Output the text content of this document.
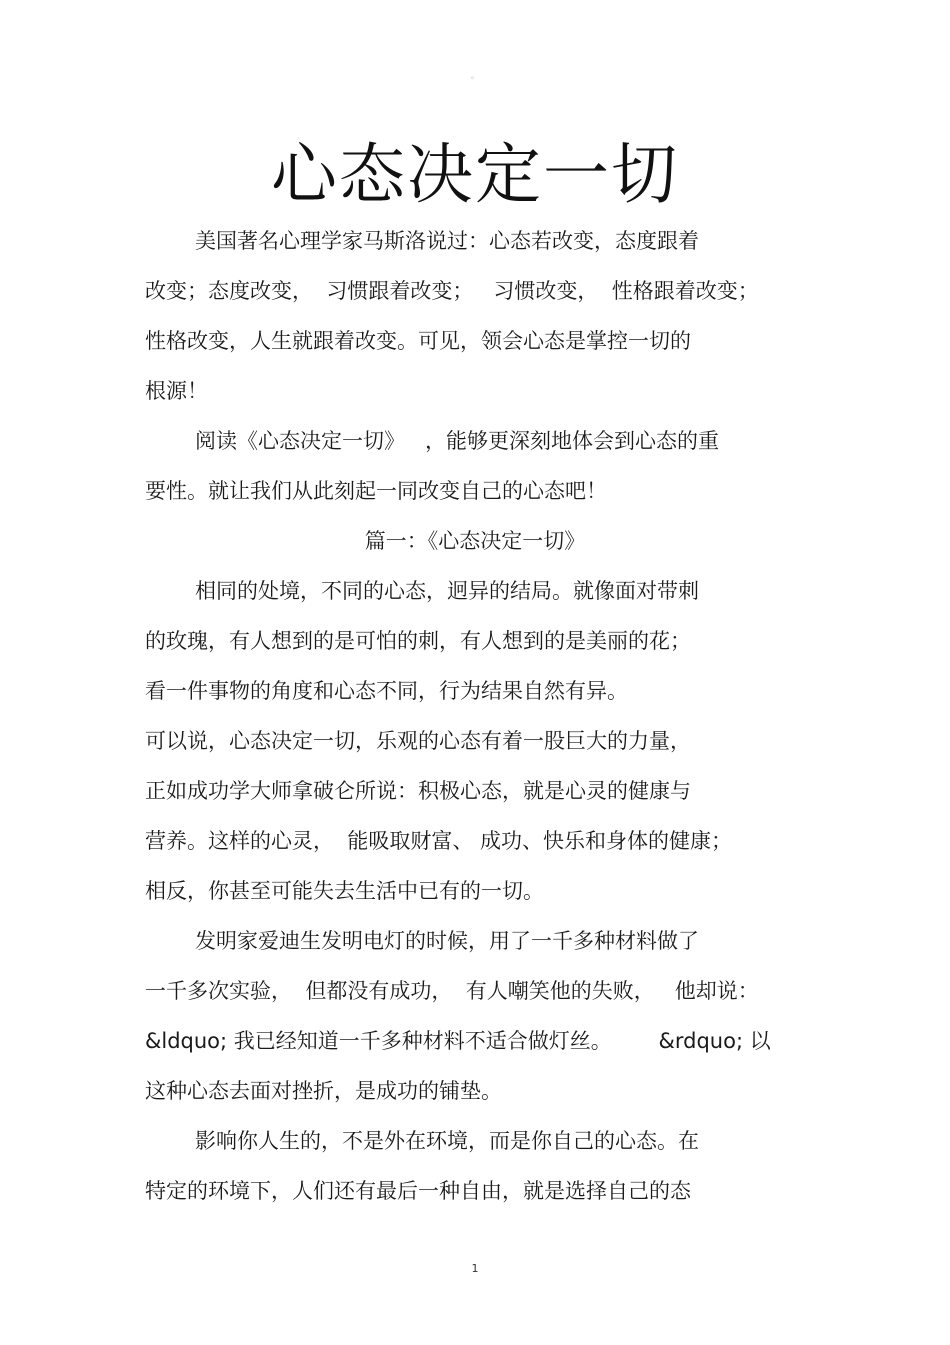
。
心态决定一切
美国著名心理学家马斯洛说过：心态若改变，态度跟着
改变；态度改变，  习惯跟着改变；   习惯改变，  性格跟着改变；
性格改变，人生就跟着改变。可见，领会心态是掌控一切的
根源！
阅读《心态决定一切》   ，能够更深刻地体会到心态的重
要性。就让我们从此刻起一同改变自己的心态吧！
篇一：《心态决定一切》
相同的处境，不同的心态，迥异的结局。就像面对带刺
的玫瑰，有人想到的是可怕的刺，有人想到的是美丽的花；
看一件事物的角度和心态不同，行为结果自然有异。
可以说，心态决定一切，乐观的心态有着一股巨大的力量，
正如成功学大师拿破仑所说：积极心态，就是心灵的健康与
营养。这样的心灵，  能吸取财富、 成功、快乐和身体的健康；
相反，你甚至可能失去生活中已有的一切。
发明家爱迪生发明电灯的时候，用了一千多种材料做了
一千多次实验，  但都没有成功，  有人嘲笑他的失败，   他却说：
&ldquo; 我已经知道一千多种材料不适合做灯丝。       &rdquo; 以
这种心态去面对挫折，是成功的铺垫。
影响你人生的，不是外在环境，而是你自己的心态。在
特定的环境下，人们还有最后一种自由，就是选择自己的态
1
